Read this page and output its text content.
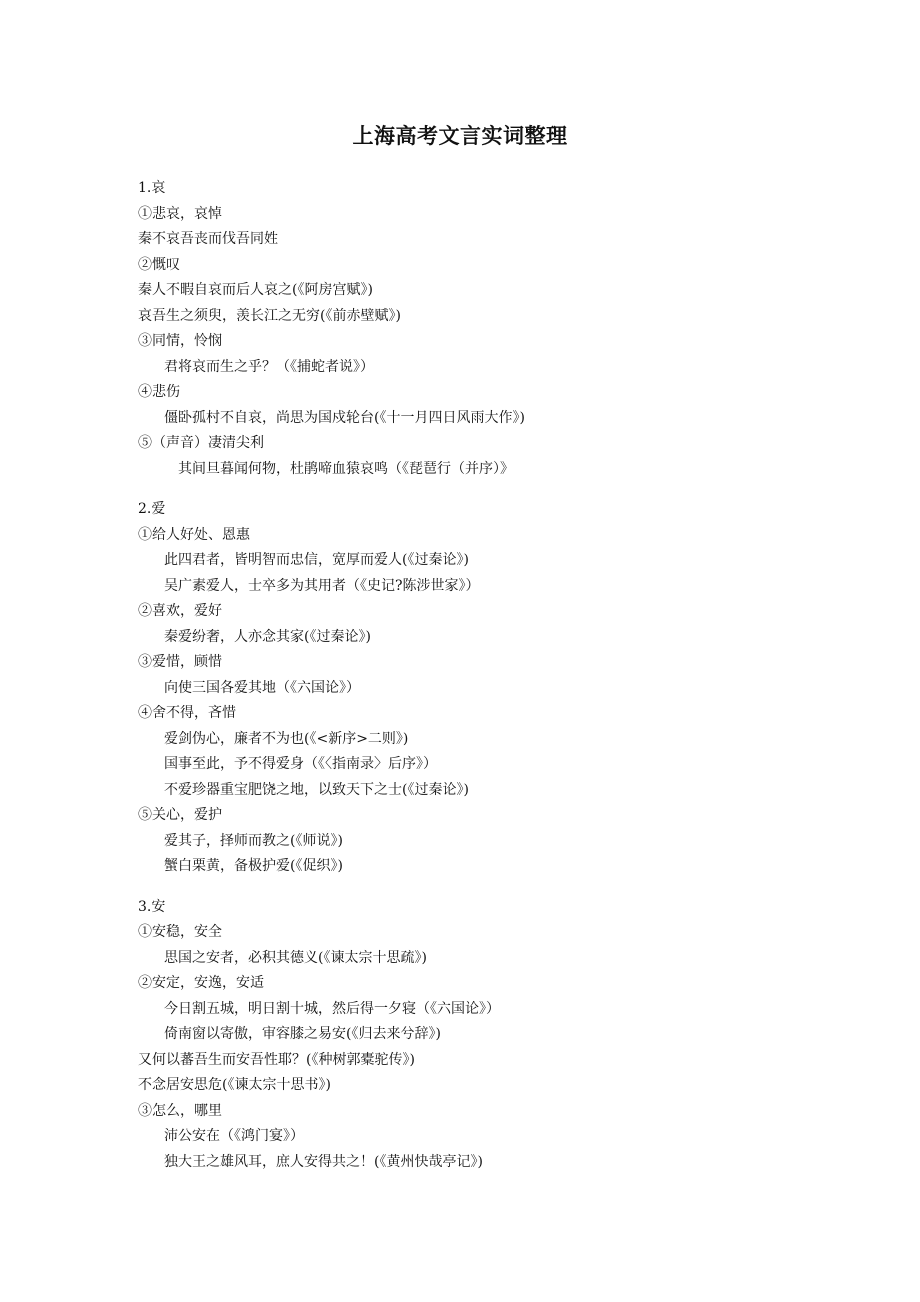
上海高考文言实词整理
1.哀
①悲哀，哀悼
秦不哀吾丧而伐吾同姓
②慨叹
秦人不暇自哀而后人哀之(《阿房宫赋》)
哀吾生之须臾，羡长江之无穷(《前赤壁赋》)
③同情，怜悯
君将哀而生之乎？（《捕蛇者说》）
④悲伤
僵卧孤村不自哀，尚思为国戍轮台(《十一月四日风雨大作》)
⑤（声音）凄清尖利
其间旦暮闻何物，杜鹃啼血猿哀鸣（《琵琶行（并序）》
2.爱
①给人好处、恩惠
此四君者，皆明智而忠信，宽厚而爱人(《过秦论》)
吴广素爱人，士卒多为其用者（《史记?陈涉世家》）
②喜欢，爱好
秦爱纷奢，人亦念其家(《过秦论》)
③爱惜，顾惜
向使三国各爱其地（《六国论》）
④舍不得，吝惜
爱剑伪心，廉者不为也(《<新序>二则》)
国事至此，予不得爱身（《〈指南录〉后序》）
不爱珍器重宝肥饶之地，以致天下之士(《过秦论》)
⑤关心，爱护
爱其子，择师而教之(《师说》)
蟹白栗黄，备极护爱(《促织》)
3.安
①安稳，安全
思国之安者，必积其德义(《谏太宗十思疏》)
②安定，安逸，安适
今日割五城，明日割十城，然后得一夕寝（《六国论》）
倚南窗以寄傲，审容膝之易安(《归去来兮辞》)
又何以蕃吾生而安吾性耶？(《种树郭橐驼传》)
不念居安思危(《谏太宗十思书》)
③怎么，哪里
沛公安在（《鸿门宴》）
独大王之雄风耳，庶人安得共之！(《黄州快哉亭记》)
